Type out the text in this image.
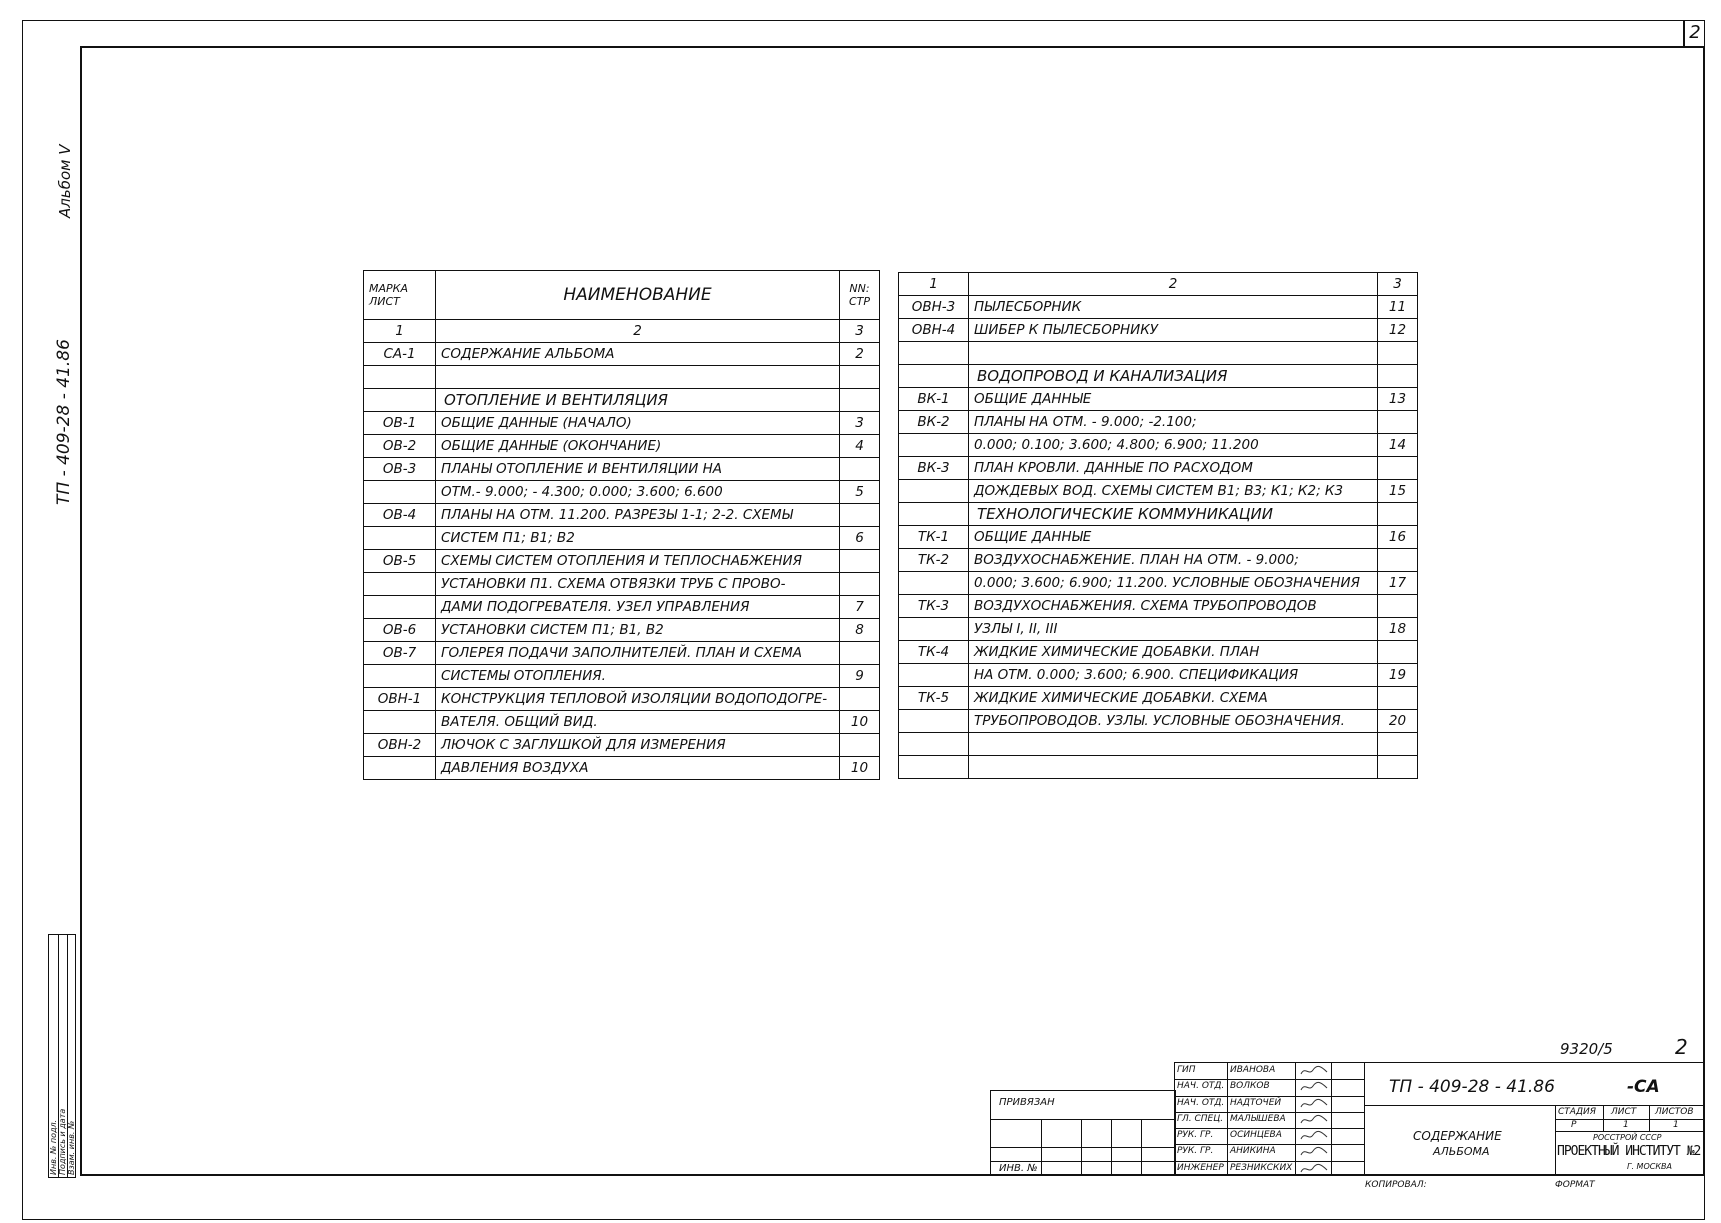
2
Альбом V
ТП - 409-28 - 41.86
Инв. № подл. Подпись и дата Взам. инв. №
МАРКА ЛИСТ	НАИМЕНОВАНИЕ	NN: СТР
1	2	3
СА-1	СОДЕРЖАНИЕ АЛЬБОМА	2

	ОТОПЛЕНИЕ И ВЕНТИЛЯЦИЯ	
ОВ-1	ОБЩИЕ ДАННЫЕ (НАЧАЛО)	3
ОВ-2	ОБЩИЕ ДАННЫЕ (ОКОНЧАНИЕ)	4
ОВ-3	ПЛАНЫ ОТОПЛЕНИЕ И ВЕНТИЛЯЦИИ НА	
	ОТМ.- 9.000; - 4.300; 0.000; 3.600; 6.600	5
ОВ-4	ПЛАНЫ НА ОТМ. 11.200. РАЗРЕЗЫ 1-1; 2-2. СХЕМЫ	
	СИСТЕМ П1; В1; В2	6
ОВ-5	СХЕМЫ СИСТЕМ ОТОПЛЕНИЯ И ТЕПЛОСНАБЖЕНИЯ	
	УСТАНОВКИ П1. СХЕМА ОТВЯЗКИ ТРУБ С ПРОВО-	
	ДАМИ ПОДОГРЕВАТЕЛЯ. УЗЕЛ УПРАВЛЕНИЯ	7
ОВ-6	УСТАНОВКИ СИСТЕМ П1; В1, В2	8
ОВ-7	ГОЛЕРЕЯ ПОДАЧИ ЗАПОЛНИТЕЛЕЙ. ПЛАН И СХЕМА	
	СИСТЕМЫ ОТОПЛЕНИЯ.	9
ОВН-1	КОНСТРУКЦИЯ ТЕПЛОВОЙ ИЗОЛЯЦИИ ВОДОПОДОГРЕ-	
	ВАТЕЛЯ. ОБЩИЙ ВИД.	10
ОВН-2	ЛЮЧОК С ЗАГЛУШКОЙ ДЛЯ ИЗМЕРЕНИЯ	
	ДАВЛЕНИЯ ВОЗДУХА	10
1	2	3
ОВН-3	ПЫЛЕСБОРНИК	11
ОВН-4	ШИБЕР К ПЫЛЕСБОРНИКУ	12

	ВОДОПРОВОД И КАНАЛИЗАЦИЯ	
ВК-1	ОБЩИЕ ДАННЫЕ	13
ВК-2	ПЛАНЫ НА ОТМ. - 9.000; -2.100;	
	0.000; 0.100; 3.600; 4.800; 6.900; 11.200	14
ВК-3	ПЛАН КРОВЛИ. ДАННЫЕ ПО РАСХОДОМ	
	ДОЖДЕВЫХ ВОД. СХЕМЫ СИСТЕМ В1; В3; К1; К2; К3	15
	ТЕХНОЛОГИЧЕСКИЕ КОММУНИКАЦИИ	
ТК-1	ОБЩИЕ ДАННЫЕ	16
ТК-2	ВОЗДУХОСНАБЖЕНИЕ. ПЛАН НА ОТМ. - 9.000;	
	0.000; 3.600; 6.900; 11.200. УСЛОВНЫЕ ОБОЗНАЧЕНИЯ	17
ТК-3	ВОЗДУХОСНАБЖЕНИЯ. СХЕМА ТРУБОПРОВОДОВ	
	УЗЛЫ I, II, III	18
ТК-4	ЖИДКИЕ ХИМИЧЕСКИЕ ДОБАВКИ. ПЛАН	
	НА ОТМ. 0.000; 3.600; 6.900. СПЕЦИФИКАЦИЯ	19
ТК-5	ЖИДКИЕ ХИМИЧЕСКИЕ ДОБАВКИ. СХЕМА	
	ТРУБОПРОВОДОВ. УЗЛЫ. УСЛОВНЫЕ ОБОЗНАЧЕНИЯ.	20

9320/5	2
ПРИВЯЗАН
ИНВ. №
ГИП	ИВАНОВА
НАЧ. ОТД. ВОЛКОВ
НАЧ. ОТД. НАДТОЧЕЙ
ГЛ. СПЕЦ. МАЛЫШЕВА
РУК. ГР. ОСИНЦЕВА
РУК. ГР. АНИКИНА
ИНЖЕНЕР РЕЗНИКСКИХ
ТП - 409-28 - 41.86	-СА
СОДЕРЖАНИЕ
АЛЬБОМА
СТАДИЯ ЛИСТ ЛИСТОВ
Р	1	1
РОССТРОЙ СССР
ПРОЕКТНЫЙ ИНСТИТУТ №2
Г. МОСКВА
КОПИРОВАЛ:	ФОРМАТ
